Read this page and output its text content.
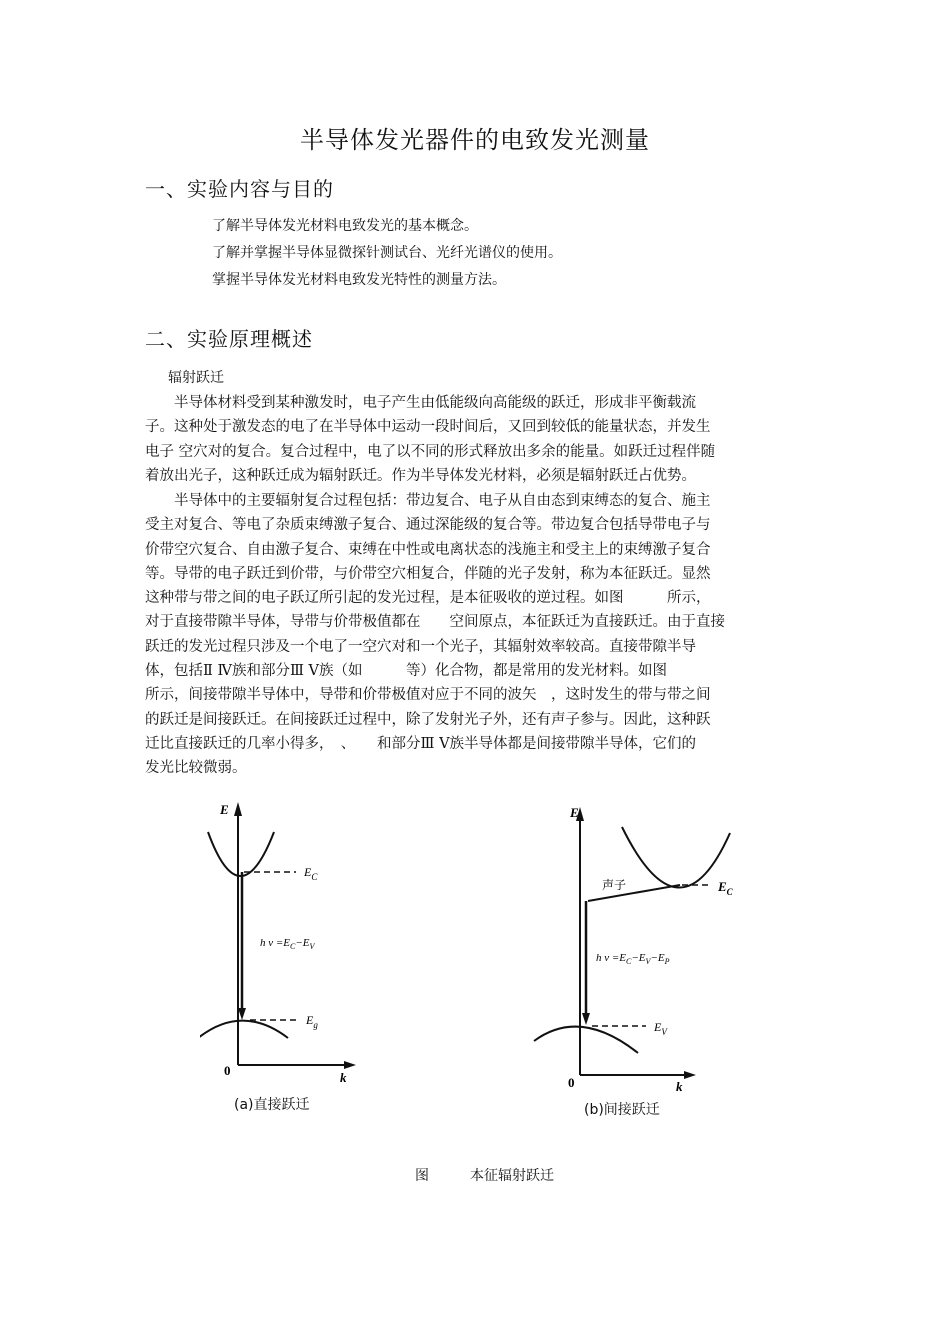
半导体发光器件的电致发光测量
一、实验内容与目的
了解半导体发光材料电致发光的基本概念。
了解并掌握半导体显微探针测试台、光纤光谱仪的使用。
掌握半导体发光材料电致发光特性的测量方法。
二、实验原理概述
辐射跃迁
　　半导体材料受到某种激发时，电子产生由低能级向高能级的跃迁，形成非平衡载流
子。这种处于激发态的电了在半导体中运动一段时间后，又回到较低的能量状态，并发生
电子 空穴对的复合。复合过程中，电了以不同的形式释放出多余的能量。如跃迁过程伴随
着放出光子，这种跃迁成为辐射跃迁。作为半导体发光材料，必须是辐射跃迁占优势。
　　半导体中的主要辐射复合过程包括：带边复合、电子从自由态到束缚态的复合、施主
受主对复合、等电了杂质束缚激子复合、通过深能级的复合等。带边复合包括导带电子与
价带空穴复合、自由激子复合、束缚在中性或电离状态的浅施主和受主上的束缚激子复合
等。导带的电子跃迁到价带，与价带空穴相复合，伴随的光子发射，称为本征跃迁。显然
这种带与带之间的电子跃辽所引起的发光过程，是本征吸收的逆过程。如图　　　所示，
对于直接带隙半导体，导带与价带极值都在　　空间原点，本征跃迁为直接跃迁。由于直接
跃迁的发光过程只涉及一个电了一空穴对和一个光子，其辐射效率较高。直接带隙半导
体，包括Ⅱ Ⅳ族和部分Ⅲ Ⅴ族（如　　　等）化合物，都是常用的发光材料。如图
所示，间接带隙半导体中，导带和价带极值对应于不同的波矢　，这时发生的带与带之间
的跃迁是间接跃迁。在间接跃迁过程中，除了发射光子外，还有声子参与。因此，这种跃
迁比直接跃迁的几率小得多，　、　　和部分Ⅲ Ⅴ族半导体都是间接带隙半导体，它们的
发光比较微弱。
E
k
0
$E_C$
$E_g$
h $\nu =E_C-E_V$
(a)直接跃迁
E
k
0
$E_C$
声子
h $\nu =E_C-E_V-E_P$
$E_V$
(b)间接跃迁
图	本征辐射跃迁
